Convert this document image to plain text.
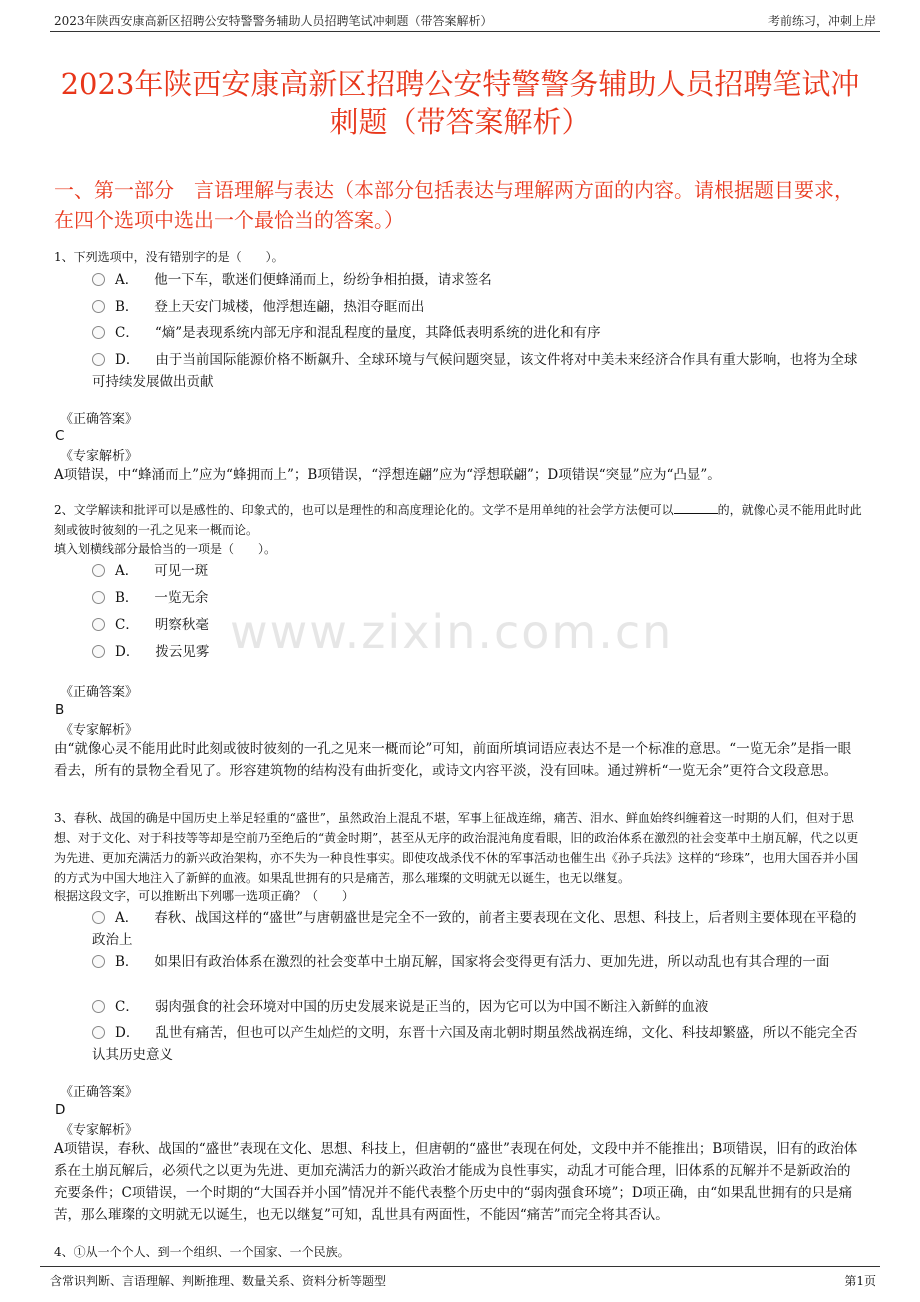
2023年陕西安康高新区招聘公安特警警务辅助人员招聘笔试冲刺题（带答案解析）	考前练习，冲刺上岸
2023年陕西安康高新区招聘公安特警警务辅助人员招聘笔试冲刺题（带答案解析）
一、第一部分　言语理解与表达（本部分包括表达与理解两方面的内容。请根据题目要求，在四个选项中选出一个最恰当的答案。）
1、下列选项中，没有错别字的是（　　）。
A． 他一下车，歌迷们便蜂涌而上，纷纷争相拍摄，请求签名
B． 登上天安门城楼，他浮想连翩，热泪夺眶而出
C． “熵”是表现系统内部无序和混乱程度的量度，其降低表明系统的进化和有序
D． 由于当前国际能源价格不断飙升、全球环境与气候问题突显，该文件将对中美未来经济合作具有重大影响，也将为全球可持续发展做出贡献
《正确答案》
C
《专家解析》
A项错误，中“蜂涌而上”应为“蜂拥而上”；B项错误，“浮想连翩”应为“浮想联翩”；D项错误“突显”应为“凸显”。
2、文学解读和批评可以是感性的、印象式的，也可以是理性的和高度理论化的。文学不是用单纯的社会学方法便可以	的，就像心灵不能用此时此刻或彼时彼刻的一孔之见来一概而论。
填入划横线部分最恰当的一项是（　　）。
A． 可见一斑
B． 一览无余
C． 明察秋毫
D． 拨云见雾 www.zixin.com.cn
《正确答案》
B
《专家解析》
由“就像心灵不能用此时此刻或彼时彼刻的一孔之见来一概而论”可知，前面所填词语应表达不是一个标准的意思。“一览无余”是指一眼看去，所有的景物全看见了。形容建筑物的结构没有曲折变化，或诗文内容平淡，没有回味。通过辨析“一览无余”更符合文段意思。
3、春秋、战国的确是中国历史上举足轻重的“盛世”，虽然政治上混乱不堪，军事上征战连绵，痛苦、泪水、鲜血始终纠缠着这一时期的人们，但对于思想、对于文化、对于科技等等却是空前乃至绝后的“黄金时期”，甚至从无序的政治混沌角度看眼，旧的政治体系在激烈的社会变革中土崩瓦解，代之以更为先进、更加充满活力的新兴政治架构，亦不失为一种良性事实。即使攻战杀伐不休的军事活动也催生出《孙子兵法》这样的“珍珠”，也用大国吞并小国的方式为中国大地注入了新鲜的血液。如果乱世拥有的只是痛苦，那么璀璨的文明就无以诞生，也无以继复。
根据这段文字，可以推断出下列哪一选项正确？（　　）
A． 春秋、战国这样的“盛世”与唐朝盛世是完全不一致的，前者主要表现在文化、思想、科技上，后者则主要体现在平稳的政治上
B． 如果旧有政治体系在激烈的社会变革中土崩瓦解，国家将会变得更有活力、更加先进，所以动乱也有其合理的一面
C． 弱肉强食的社会环境对中国的历史发展来说是正当的，因为它可以为中国不断注入新鲜的血液
D． 乱世有痛苦，但也可以产生灿烂的文明，东晋十六国及南北朝时期虽然战祸连绵，文化、科技却繁盛，所以不能完全否认其历史意义
《正确答案》
D
《专家解析》
A项错误，春秋、战国的“盛世”表现在文化、思想、科技上，但唐朝的“盛世”表现在何处，文段中并不能推出；B项错误，旧有的政治体系在土崩瓦解后，必须代之以更为先进、更加充满活力的新兴政治才能成为良性事实，动乱才可能合理，旧体系的瓦解并不是新政治的充要条件；C项错误，一个时期的“大国吞并小国”情况并不能代表整个历史中的“弱肉强食环境”；D项正确，由“如果乱世拥有的只是痛苦，那么璀璨的文明就无以诞生，也无以继复”可知，乱世具有两面性，不能因“痛苦”而完全将其否认。
4、①从一个个人、到一个组织、一个国家、一个民族。
含常识判断、言语理解、判断推理、数量关系、资料分析等题型	第1页
